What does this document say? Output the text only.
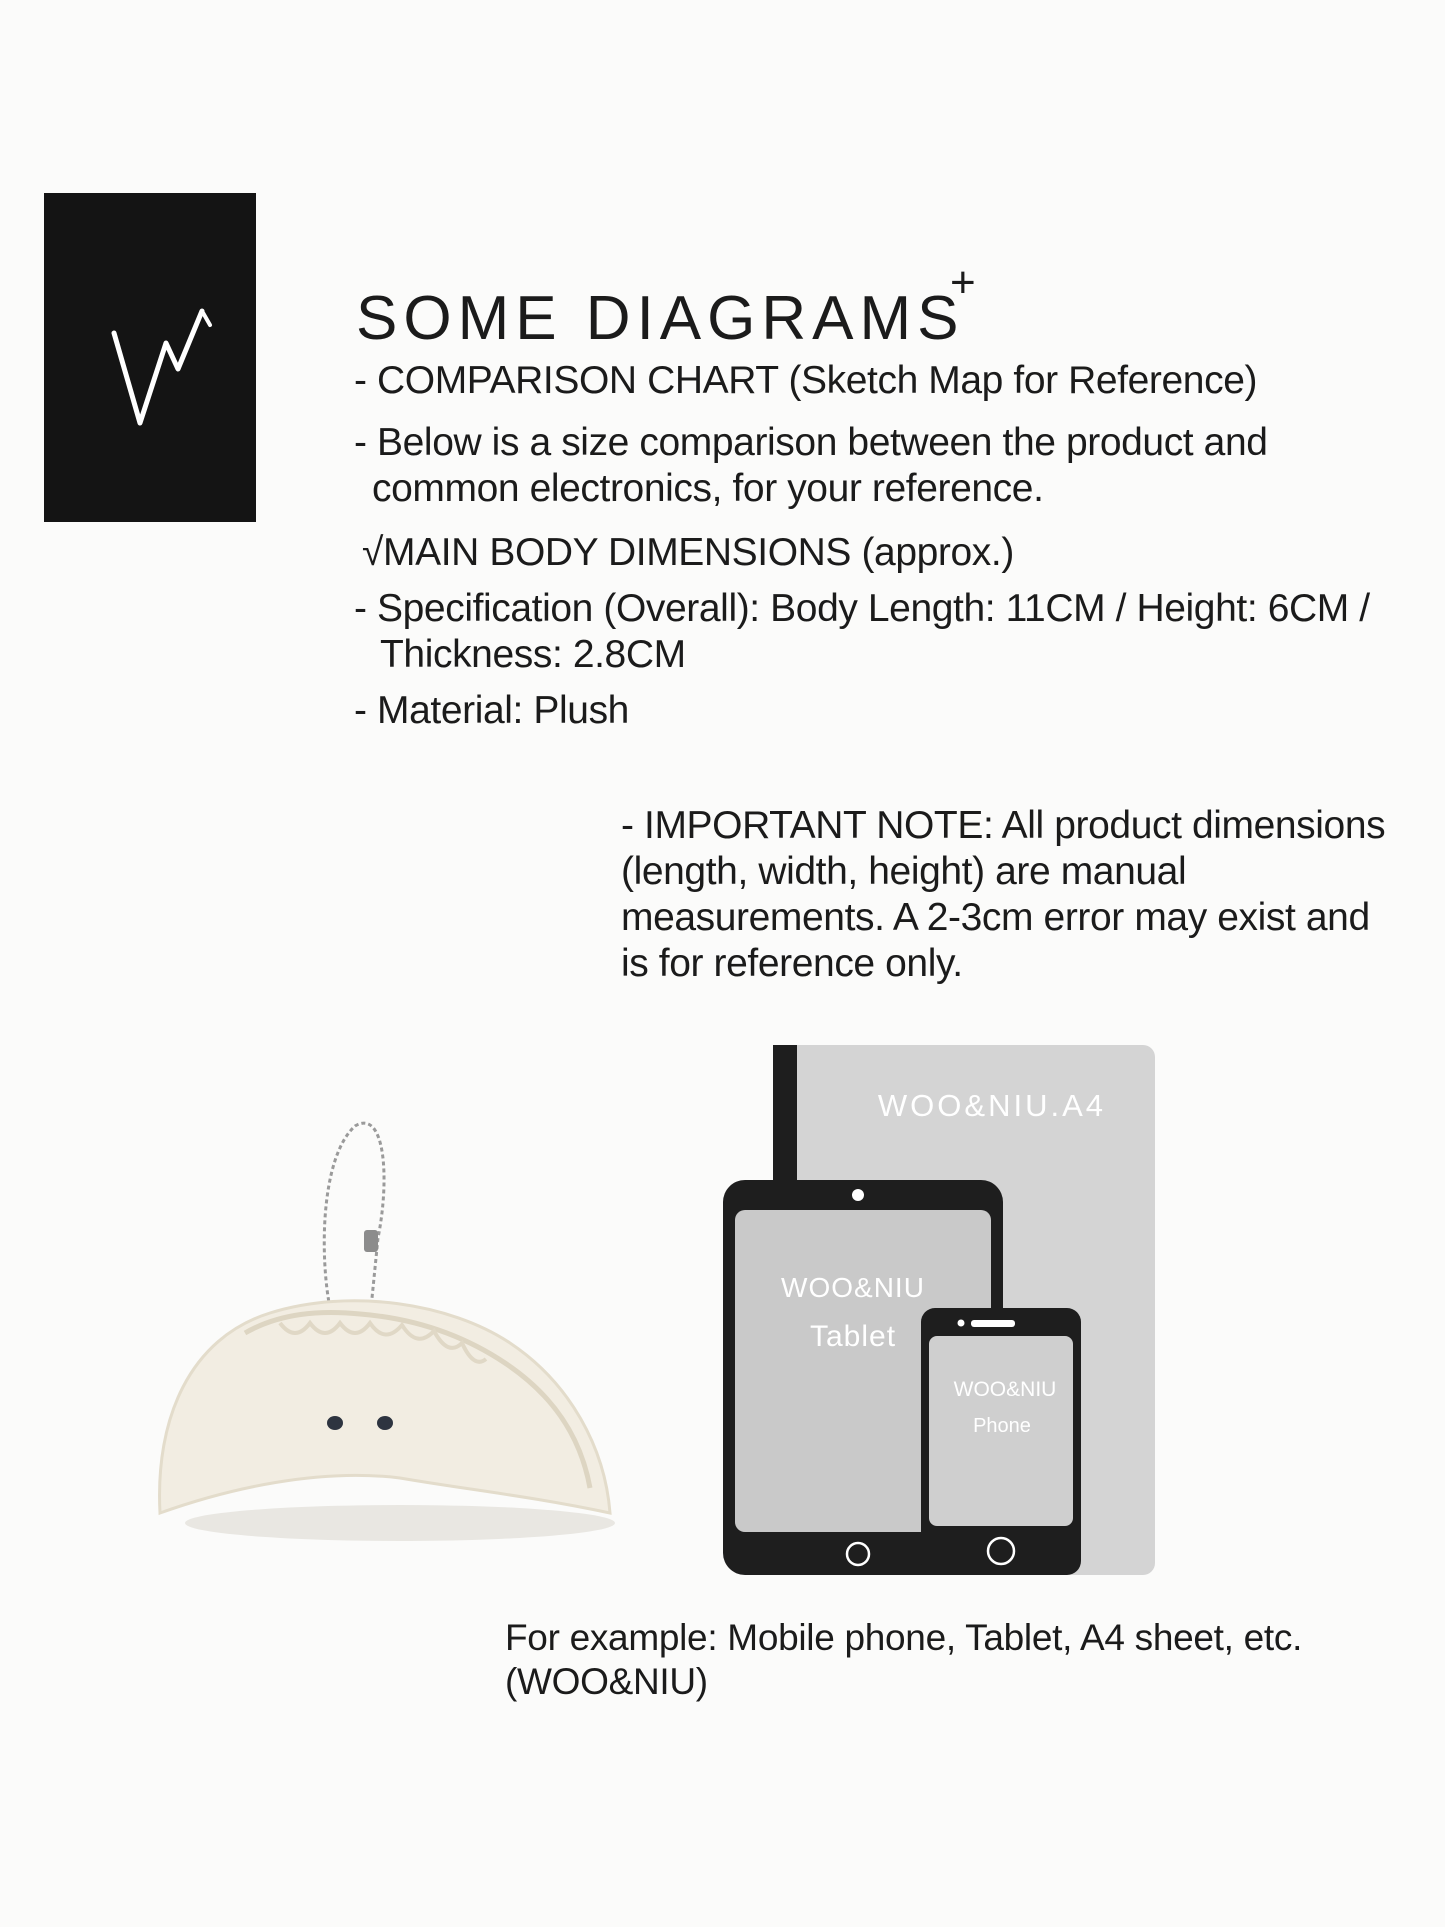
SOME DIAGRAMS
+
- COMPARISON CHART (Sketch Map for Reference)
- Below is a size comparison between the product and
common electronics, for your reference.
√MAIN BODY DIMENSIONS (approx.)
- Specification (Overall): Body Length: 11CM / Height: 6CM /
Thickness: 2.8CM
- Material: Plush
- IMPORTANT NOTE: All product dimensions (length, width, height) are manual measurements. A 2-3cm error may exist and is for reference only.
WOO&NIU.A4
WOO&NIU
Tablet
WOO&NIU
Phone
For example: Mobile phone, Tablet, A4 sheet, etc. (WOO&NIU)
